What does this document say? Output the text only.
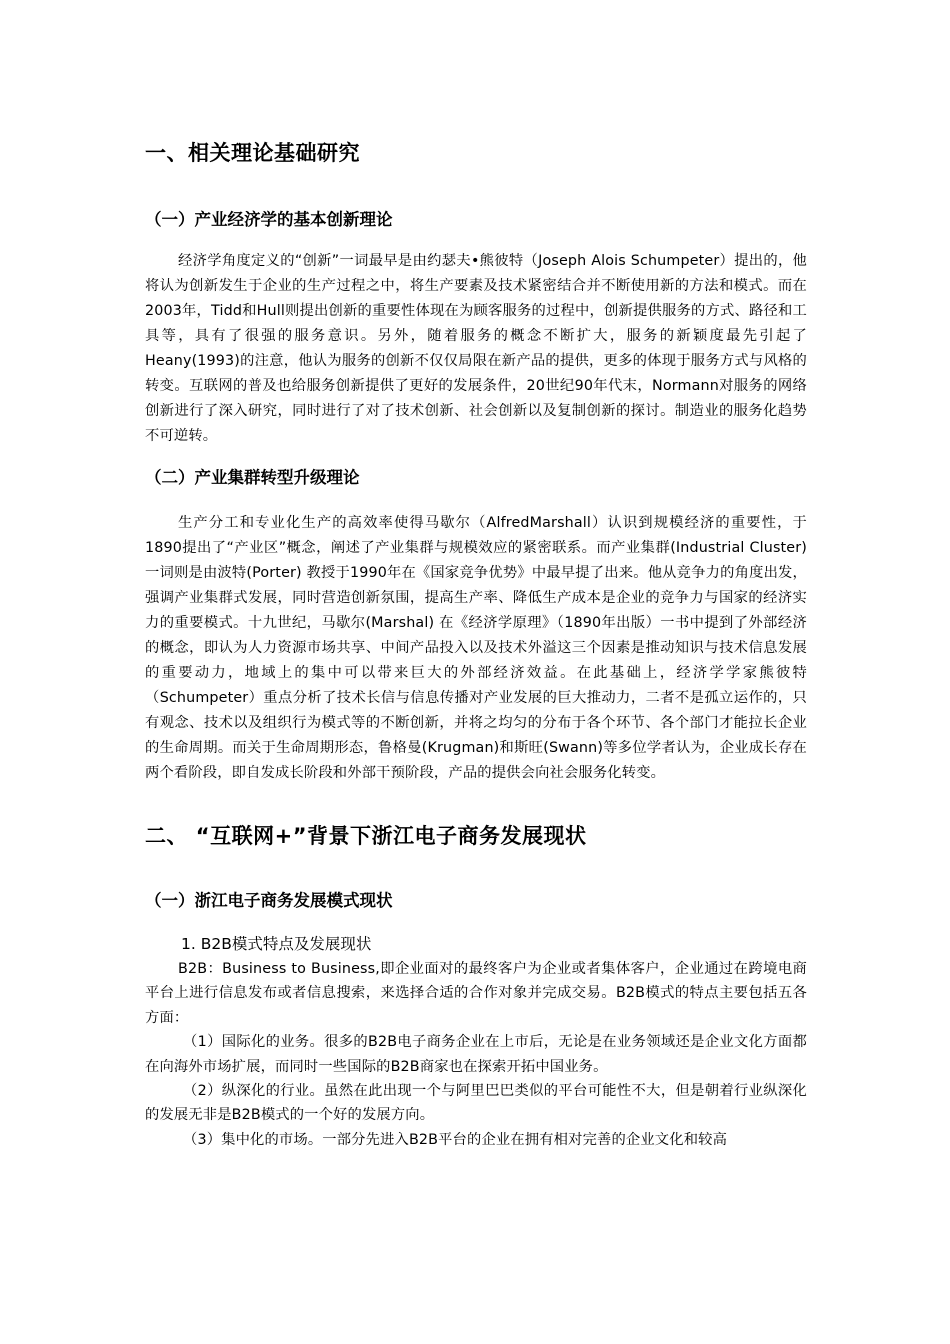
一、相关理论基础研究
（一）产业经济学的基本创新理论

经济学角度定义的“创新”一词最早是由约瑟夫•熊彼特（Joseph Alois Schumpeter）提出的，他将认为创新发生于企业的生产过程之中，将生产要素及技术紧密结合并不断使用新的方法和模式。而在2003年，Tidd和Hull则提出创新的重要性体现在为顾客服务的过程中，创新提供服务的方式、路径和工具等，具有了很强的服务意识。另外，随着服务的概念不断扩大，服务的新颖度最先引起了Heany(1993)的注意，他认为服务的创新不仅仅局限在新产品的提供，更多的体现于服务方式与风格的转变。互联网的普及也给服务创新提供了更好的发展条件，20世纪90年代末，Normann对服务的网络创新进行了深入研究，同时进行了对了技术创新、社会创新以及复制创新的探讨。制造业的服务化趋势不可逆转。

（二）产业集群转型升级理论

生产分工和专业化生产的高效率使得马歇尔（AlfredMarshall）认识到规模经济的重要性，于1890提出了“产业区”概念，阐述了产业集群与规模效应的紧密联系。而产业集群(Industrial Cluster)一词则是由波特(Porter) 教授于1990年在《国家竞争优势》中最早提了出来。他从竞争力的角度出发，强调产业集群式发展，同时营造创新氛围，提高生产率、降低生产成本是企业的竞争力与国家的经济实力的重要模式。十九世纪，马歇尔(Marshal) 在《经济学原理》（1890年出版）一书中提到了外部经济的概念，即认为人力资源市场共享、中间产品投入以及技术外溢这三个因素是推动知识与技术信息发展的重要动力，地域上的集中可以带来巨大的外部经济效益。在此基础上，经济学学家熊彼特（Schumpeter）重点分析了技术长信与信息传播对产业发展的巨大推动力，二者不是孤立运作的，只有观念、技术以及组织行为模式等的不断创新，并将之均匀的分布于各个环节、各个部门才能拉长企业的生命周期。而关于生命周期形态，鲁格曼(Krugman)和斯旺(Swann)等多位学者认为，企业成长存在两个看阶段，即自发成长阶段和外部干预阶段，产品的提供会向社会服务化转变。

二、 “互联网+”背景下浙江电子商务发展现状
（一）浙江电子商务发展模式现状
1. B2B模式特点及发展现状

B2B：Business to Business,即企业面对的最终客户为企业或者集体客户，企业通过在跨境电商平台上进行信息发布或者信息搜索，来选择合适的合作对象并完成交易。B2B模式的特点主要包括五各方面：

（1）国际化的业务。很多的B2B电子商务企业在上市后，无论是在业务领域还是企业文化方面都在向海外市场扩展，而同时一些国际的B2B商家也在探索开拓中国业务。

（2）纵深化的行业。虽然在此出现一个与阿里巴巴类似的平台可能性不大，但是朝着行业纵深化的发展无非是B2B模式的一个好的发展方向。

（3）集中化的市场。一部分先进入B2B平台的企业在拥有相对完善的企业文化和较高
